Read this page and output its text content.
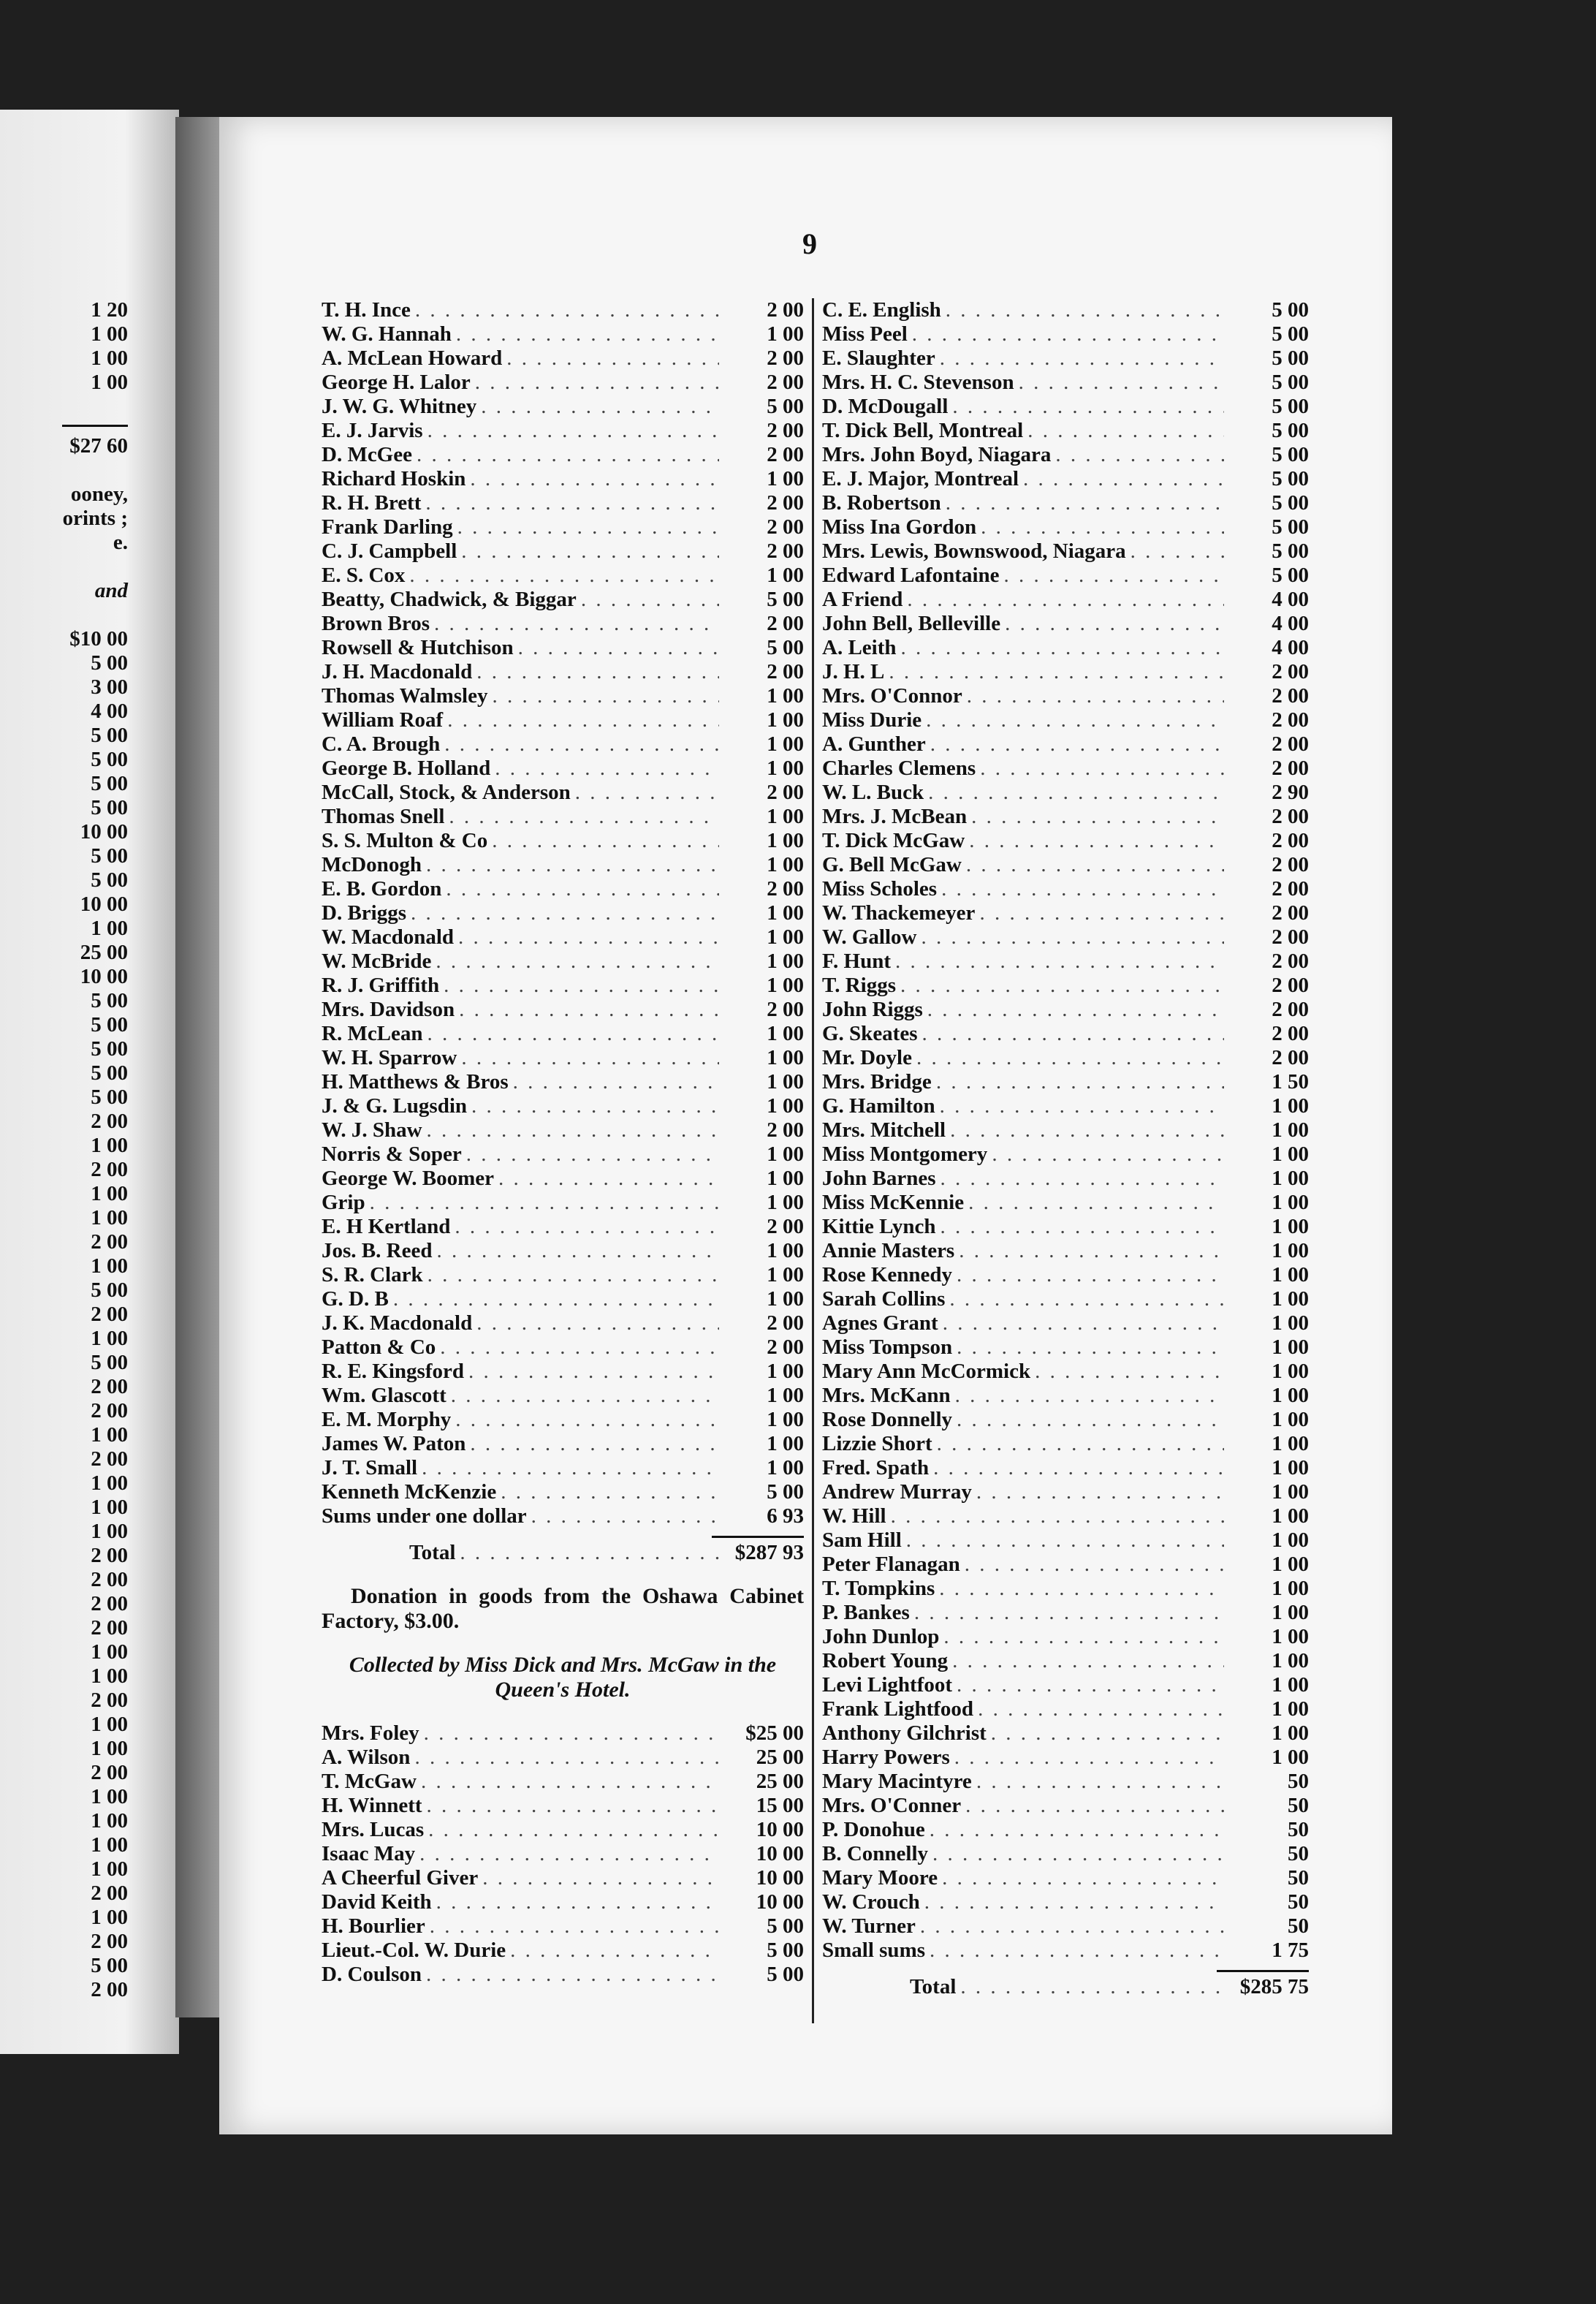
1 20
1 00
1 00
1 00
$27 60
ooney,
orints ;
e.
and
$10 00
5 00
3 00
4 00
5 00
5 00
5 00
5 00
10 00
5 00
5 00
10 00
1 00
25 00
10 00
5 00
5 00
5 00
5 00
5 00
2 00
1 00
2 00
1 00
1 00
2 00
1 00
5 00
2 00
1 00
5 00
2 00
2 00
1 00
2 00
1 00
1 00
1 00
2 00
2 00
2 00
2 00
1 00
1 00
2 00
1 00
1 00
2 00
1 00
1 00
1 00
1 00
2 00
1 00
2 00
5 00
2 00
9
T. H. Ince . . .	2 00
W. G. Hannah . . .	1 00
A. McLean Howard . . .	2 00
George H. Lalor . . .	2 00
J. W. G. Whitney . . .	5 00
E. J. Jarvis . . .	2 00
D. McGee . . .	2 00
Richard Hoskin . . .	1 00
R. H. Brett . . .	2 00
Frank Darling . . .	2 00
C. J. Campbell . . .	2 00
E. S. Cox . . .	1 00
Beatty, Chadwick, & Biggar . . .	5 00
Brown Bros . . .	2 00
Rowsell & Hutchison . . .	5 00
J. H. Macdonald . . .	2 00
Thomas Walmsley . . .	1 00
William Roaf . . .	1 00
C. A. Brough . . .	1 00
George B. Holland . . .	1 00
McCall, Stock, & Anderson . . .	2 00
Thomas Snell . . .	1 00
S. S. Multon & Co . . .	1 00
McDonogh . . .	1 00
E. B. Gordon . . .	2 00
D. Briggs . . .	1 00
W. Macdonald . . .	1 00
W. McBride . . .	1 00
R. J. Griffith . . .	1 00
Mrs. Davidson . . .	2 00
R. McLean . . .	1 00
W. H. Sparrow . . .	1 00
H. Matthews & Bros . . .	1 00
J. & G. Lugsdin . . .	1 00
W. J. Shaw . . .	2 00
Norris & Soper . . .	1 00
George W. Boomer . . .	1 00
Grip . . .	1 00
E. H Kertland . . .	2 00
Jos. B. Reed . . .	1 00
S. R. Clark . . .	1 00
G. D. B . . .	1 00
J. K. Macdonald . . .	2 00
Patton & Co . . .	2 00
R. E. Kingsford . . .	1 00
Wm. Glascott . . .	1 00
E. M. Morphy . . .	1 00
James W. Paton . . .	1 00
J. T. Small . . .	1 00
Kenneth McKenzie . . .	5 00
Sums under one dollar . . .	6 93
Total . . .	$287 93

Donation in goods from the Oshawa Cabinet Factory, $3.00.

Collected by Miss Dick and Mrs. McGaw in the Queen's Hotel.
Mrs. Foley . . .	$25 00
A. Wilson . . .	25 00
T. McGaw . . .	25 00
H. Winnett . . .	15 00
Mrs. Lucas . . .	10 00
Isaac May . . .	10 00
A Cheerful Giver . . .	10 00
David Keith . . .	10 00
H. Bourlier . . .	5 00
Lieut.-Col. W. Durie . . .	5 00
D. Coulson . . .	5 00
C. E. English . . .	5 00
Miss Peel . . .	5 00
E. Slaughter . . .	5 00
Mrs. H. C. Stevenson . . .	5 00
D. McDougall . . .	5 00
T. Dick Bell, Montreal . . .	5 00
Mrs. John Boyd, Niagara . . .	5 00
E. J. Major, Montreal . . .	5 00
B. Robertson . . .	5 00
Miss Ina Gordon . . .	5 00
Mrs. Lewis, Bownswood, Niagara . . .	5 00
Edward Lafontaine . . .	5 00
A Friend . . .	4 00
John Bell, Belleville . . .	4 00
A. Leith . . .	4 00
J. H. L . . .	2 00
Mrs. O'Connor . . .	2 00
Miss Durie . . .	2 00
A. Gunther . . .	2 00
Charles Clemens . . .	2 00
W. L. Buck . . .	2 90
Mrs. J. McBean . . .	2 00
T. Dick McGaw . . .	2 00
G. Bell McGaw . . .	2 00
Miss Scholes . . .	2 00
W. Thackemeyer . . .	2 00
W. Gallow . . .	2 00
F. Hunt . . .	2 00
T. Riggs . . .	2 00
John Riggs . . .	2 00
G. Skeates . . .	2 00
Mr. Doyle . . .	2 00
Mrs. Bridge . . .	1 50
G. Hamilton . . .	1 00
Mrs. Mitchell . . .	1 00
Miss Montgomery . . .	1 00
John Barnes . . .	1 00
Miss McKennie . . .	1 00
Kittie Lynch . . .	1 00
Annie Masters . . .	1 00
Rose Kennedy . . .	1 00
Sarah Collins . . .	1 00
Agnes Grant . . .	1 00
Miss Tompson . . .	1 00
Mary Ann McCormick . . .	1 00
Mrs. McKann . . .	1 00
Rose Donnelly . . .	1 00
Lizzie Short . . .	1 00
Fred. Spath . . .	1 00
Andrew Murray . . .	1 00
W. Hill . . .	1 00
Sam Hill . . .	1 00
Peter Flanagan . . .	1 00
T. Tompkins . . .	1 00
P. Bankes . . .	1 00
John Dunlop . . .	1 00
Robert Young . . .	1 00
Levi Lightfoot . . .	1 00
Frank Lightfood . . .	1 00
Anthony Gilchrist . . .	1 00
Harry Powers . . .	1 00
Mary Macintyre . . .	50
Mrs. O'Conner . . .	50
P. Donohue . . .	50
B. Connelly . . .	50
Mary Moore . . .	50
W. Crouch . . .	50
W. Turner . . .	50
Small sums . . .	1 75
Total . . .	$285 75
